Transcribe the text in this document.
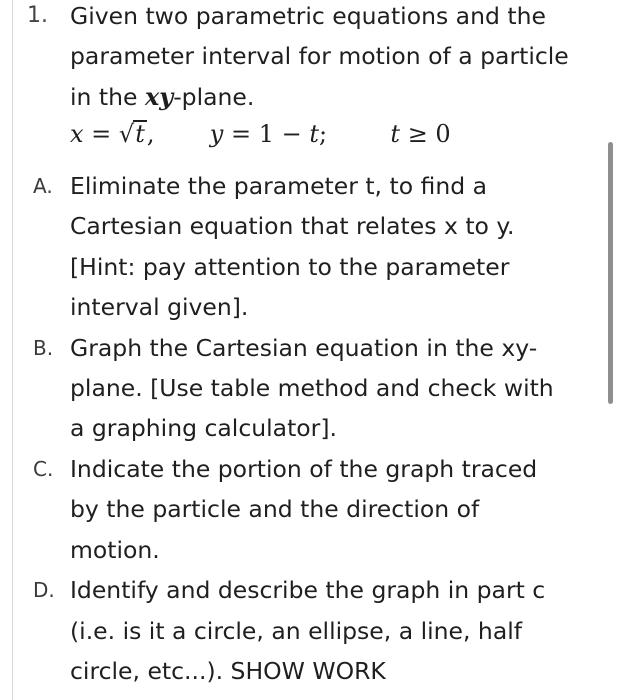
1. Given two parametric equations and the
parameter interval for motion of a particle
in the xy-plane.
x = √t, y = 1 − t;	t ≥ 0
A. Eliminate the parameter t, to find a
Cartesian equation that relates x to y.
[Hint: pay attention to the parameter
interval given].
B. Graph the Cartesian equation in the xy-
plane. [Use table method and check with
a graphing calculator].
C. Indicate the portion of the graph traced
by the particle and the direction of
motion.
D. Identify and describe the graph in part c
(i.e. is it a circle, an ellipse, a line, half
circle, etc...). SHOW WORK
